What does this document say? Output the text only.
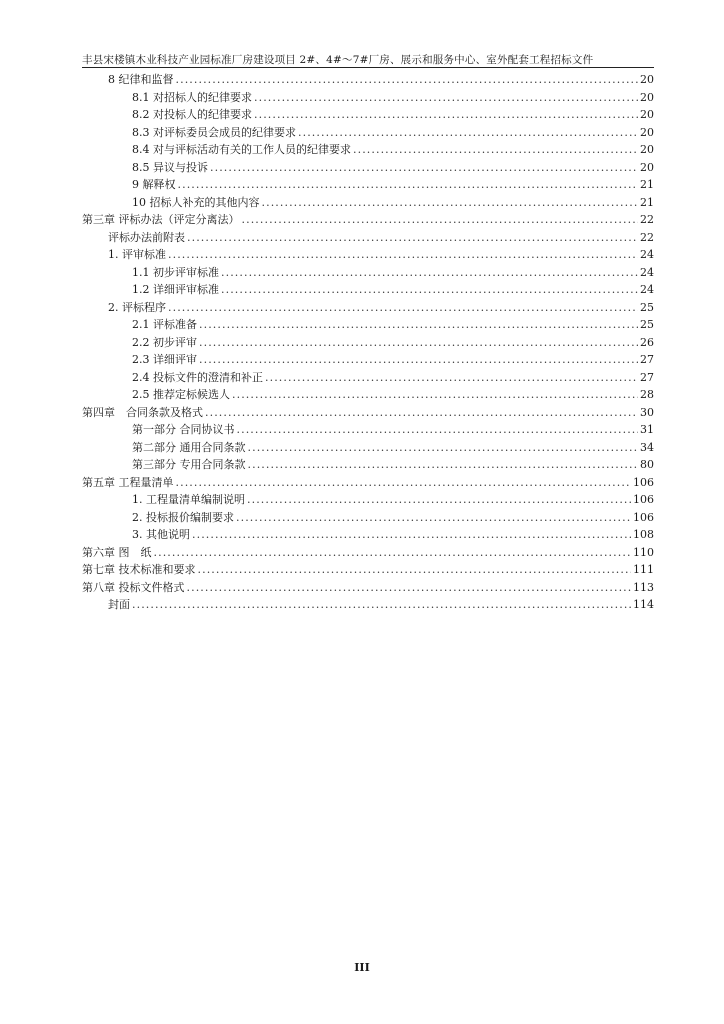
丰县宋楼镇木业科技产业园标准厂房建设项目 2#、4#～7#厂房、展示和服务中心、室外配套工程招标文件
8 纪律和监督 .....	20
8.1 对招标人的纪律要求 .....	20
8.2 对投标人的纪律要求 .....	20
8.3 对评标委员会成员的纪律要求 .....	20
8.4 对与评标活动有关的工作人员的纪律要求 .....	20
8.5 异议与投诉 .....	20
9 解释权 .....	21
10 招标人补充的其他内容 .....	21
第三章 评标办法（评定分离法） .....	22
评标办法前附表 .....	22
1. 评审标准 .....	24
1.1 初步评审标准 .....	24
1.2 详细评审标准 .....	24
2. 评标程序 .....	25
2.1 评标准备 .....	25
2.2 初步评审 .....	26
2.3 详细评审 .....	27
2.4 投标文件的澄清和补正 .....	27
2.5 推荐定标候选人 .....	28
第四章　合同条款及格式 .....	30
第一部分 合同协议书 .....	31
第二部分 通用合同条款 .....	34
第三部分 专用合同条款 .....	80
第五章 工程量清单 .....	106
1. 工程量清单编制说明 .....	106
2. 投标报价编制要求 .....	106
3. 其他说明 .....	108
第六章 图　纸 .....	110
第七章 技术标准和要求 .....	111
第八章 投标文件格式 .....	113
封面 .....	114
III
